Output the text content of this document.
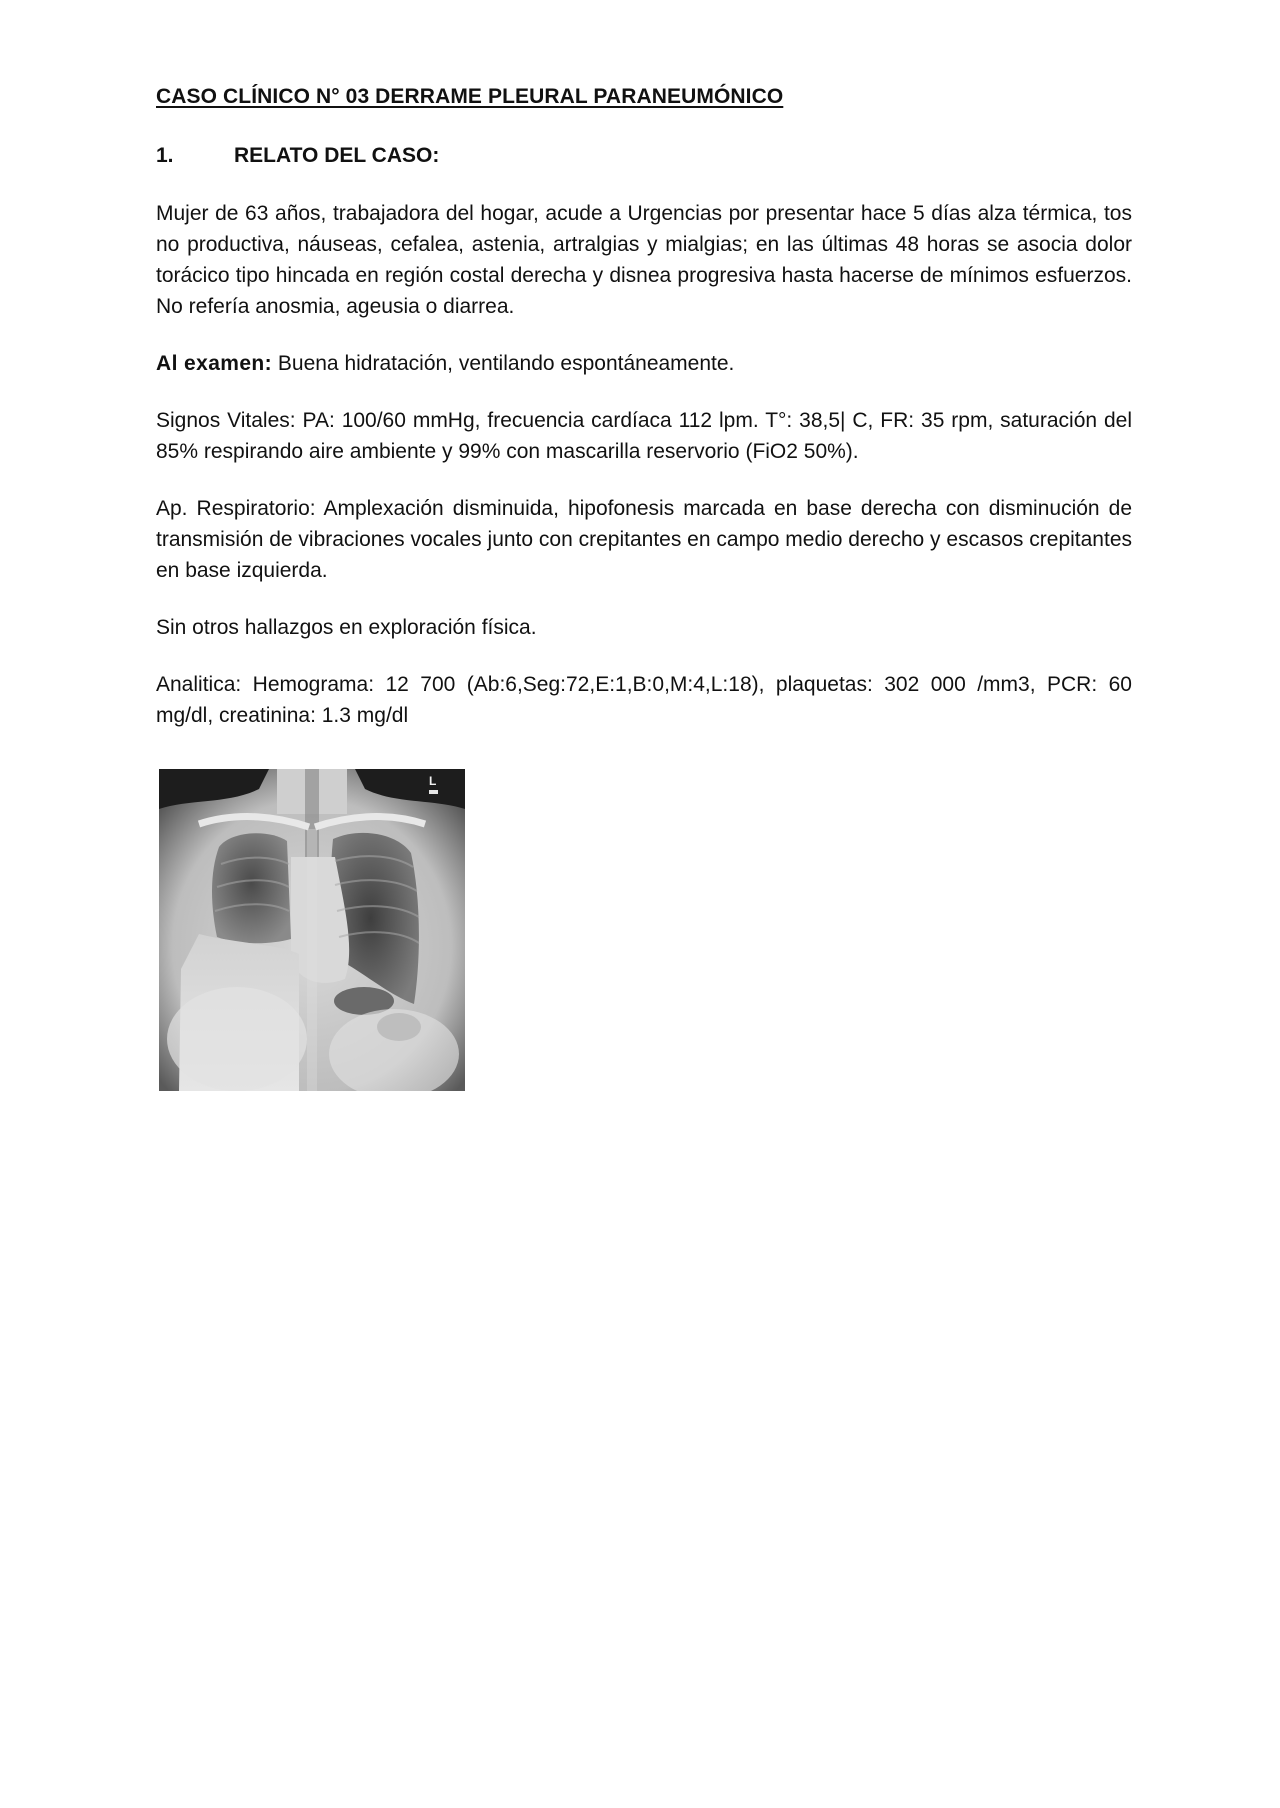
CASO CLÍNICO N° 03 DERRAME PLEURAL PARANEUMÓNICO
1.	RELATO DEL CASO:

Mujer de 63 años, trabajadora del hogar, acude a Urgencias por presentar hace 5 días alza térmica, tos no productiva, náuseas, cefalea, astenia, artralgias y mialgias; en las últimas 48 horas se asocia dolor torácico tipo hincada en región costal derecha y disnea progresiva hasta hacerse de mínimos esfuerzos. No refería anosmia, ageusia o diarrea.

Al examen: Buena hidratación, ventilando espontáneamente.

Signos Vitales: PA: 100/60 mmHg, frecuencia cardíaca 112 lpm. T°: 38,5| C, FR: 35 rpm, saturación del 85% respirando aire ambiente y 99% con mascarilla reservorio (FiO2 50%).

Ap. Respiratorio: Amplexación disminuida, hipofonesis marcada en base derecha con disminución de transmisión de vibraciones vocales junto con crepitantes en campo medio derecho y escasos crepitantes en base izquierda.

Sin otros hallazgos en exploración física.

Analitica: Hemograma: 12 700 (Ab:6,Seg:72,E:1,B:0,M:4,L:18), plaquetas: 302 000 /mm3, PCR: 60 mg/dl, creatinina: 1.3 mg/dl

L
